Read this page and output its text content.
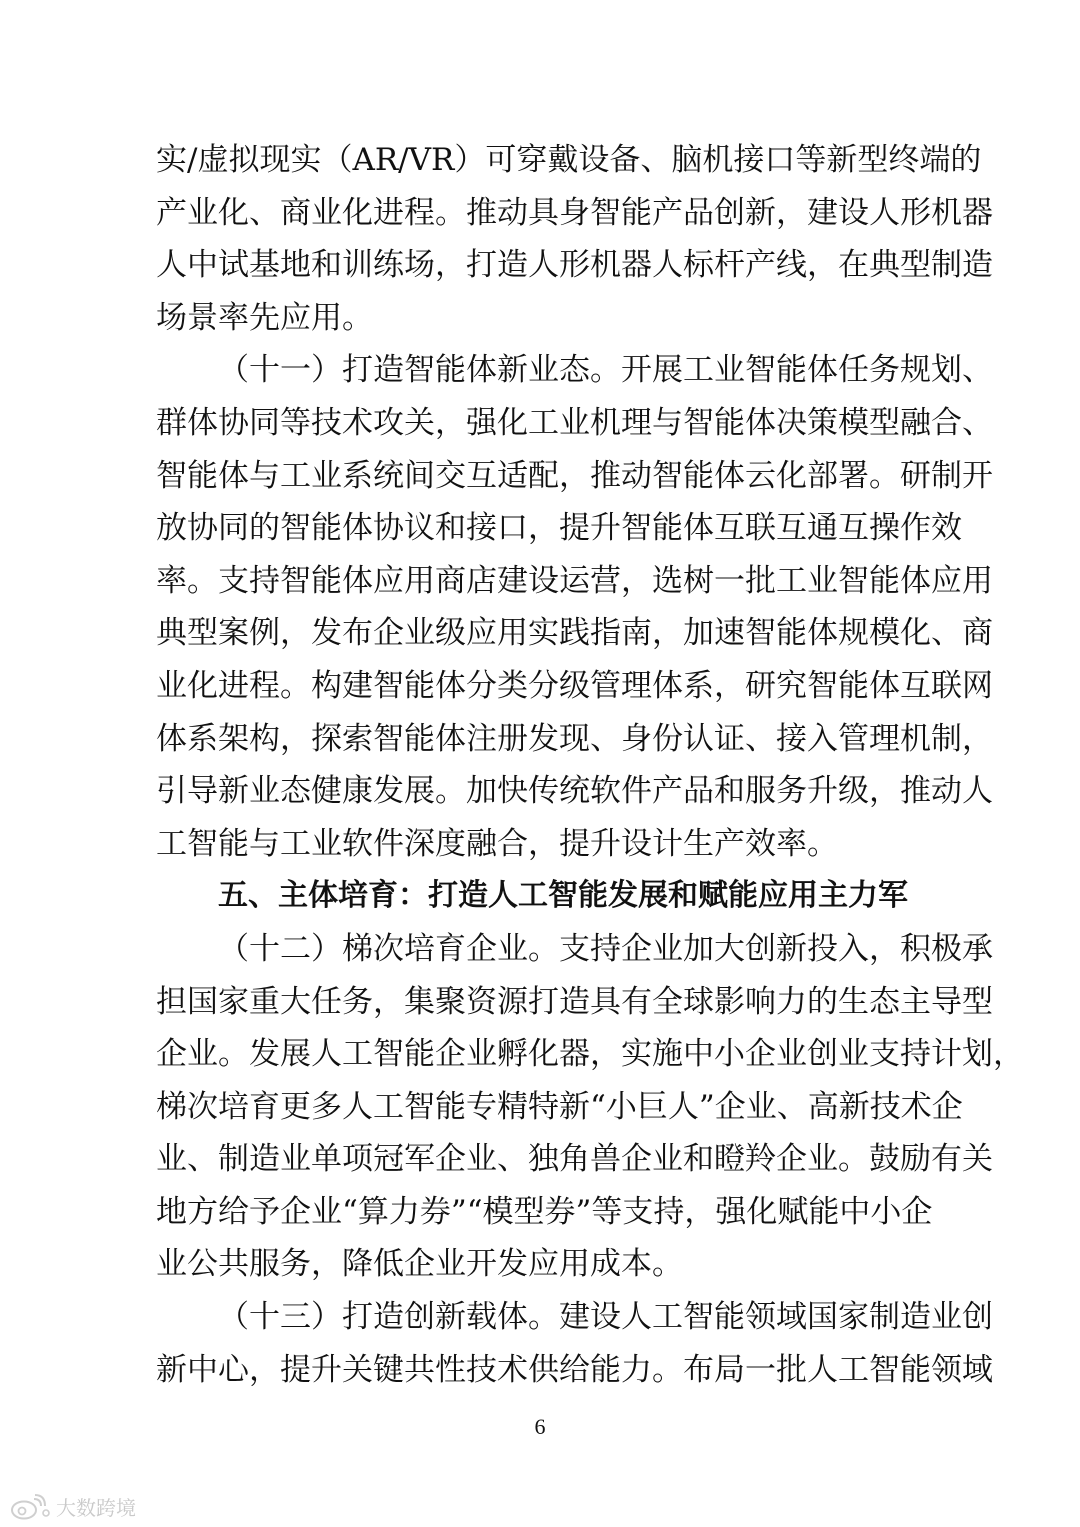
实/虚拟现实（AR/VR）可穿戴设备、脑机接口等新型终端的
产业化、商业化进程。推动具身智能产品创新，建设人形机器
人中试基地和训练场，打造人形机器人标杆产线，在典型制造
场景率先应用。
（十一）打造智能体新业态。开展工业智能体任务规划、
群体协同等技术攻关，强化工业机理与智能体决策模型融合、
智能体与工业系统间交互适配，推动智能体云化部署。研制开
放协同的智能体协议和接口，提升智能体互联互通互操作效
率。支持智能体应用商店建设运营，选树一批工业智能体应用
典型案例，发布企业级应用实践指南，加速智能体规模化、商
业化进程。构建智能体分类分级管理体系，研究智能体互联网
体系架构，探索智能体注册发现、身份认证、接入管理机制，
引导新业态健康发展。加快传统软件产品和服务升级，推动人
工智能与工业软件深度融合，提升设计生产效率。
五、主体培育：打造人工智能发展和赋能应用主力军
（十二）梯次培育企业。支持企业加大创新投入，积极承
担国家重大任务，集聚资源打造具有全球影响力的生态主导型
企业。发展人工智能企业孵化器，实施中小企业创业支持计划，
梯次培育更多人工智能专精特新“小巨人”企业、高新技术企
业、制造业单项冠军企业、独角兽企业和瞪羚企业。鼓励有关
地方给予企业“算力券”“模型券”等支持，强化赋能中小企
业公共服务，降低企业开发应用成本。
（十三）打造创新载体。建设人工智能领域国家制造业创
新中心，提升关键共性技术供给能力。布局一批人工智能领域
6
大数跨境
